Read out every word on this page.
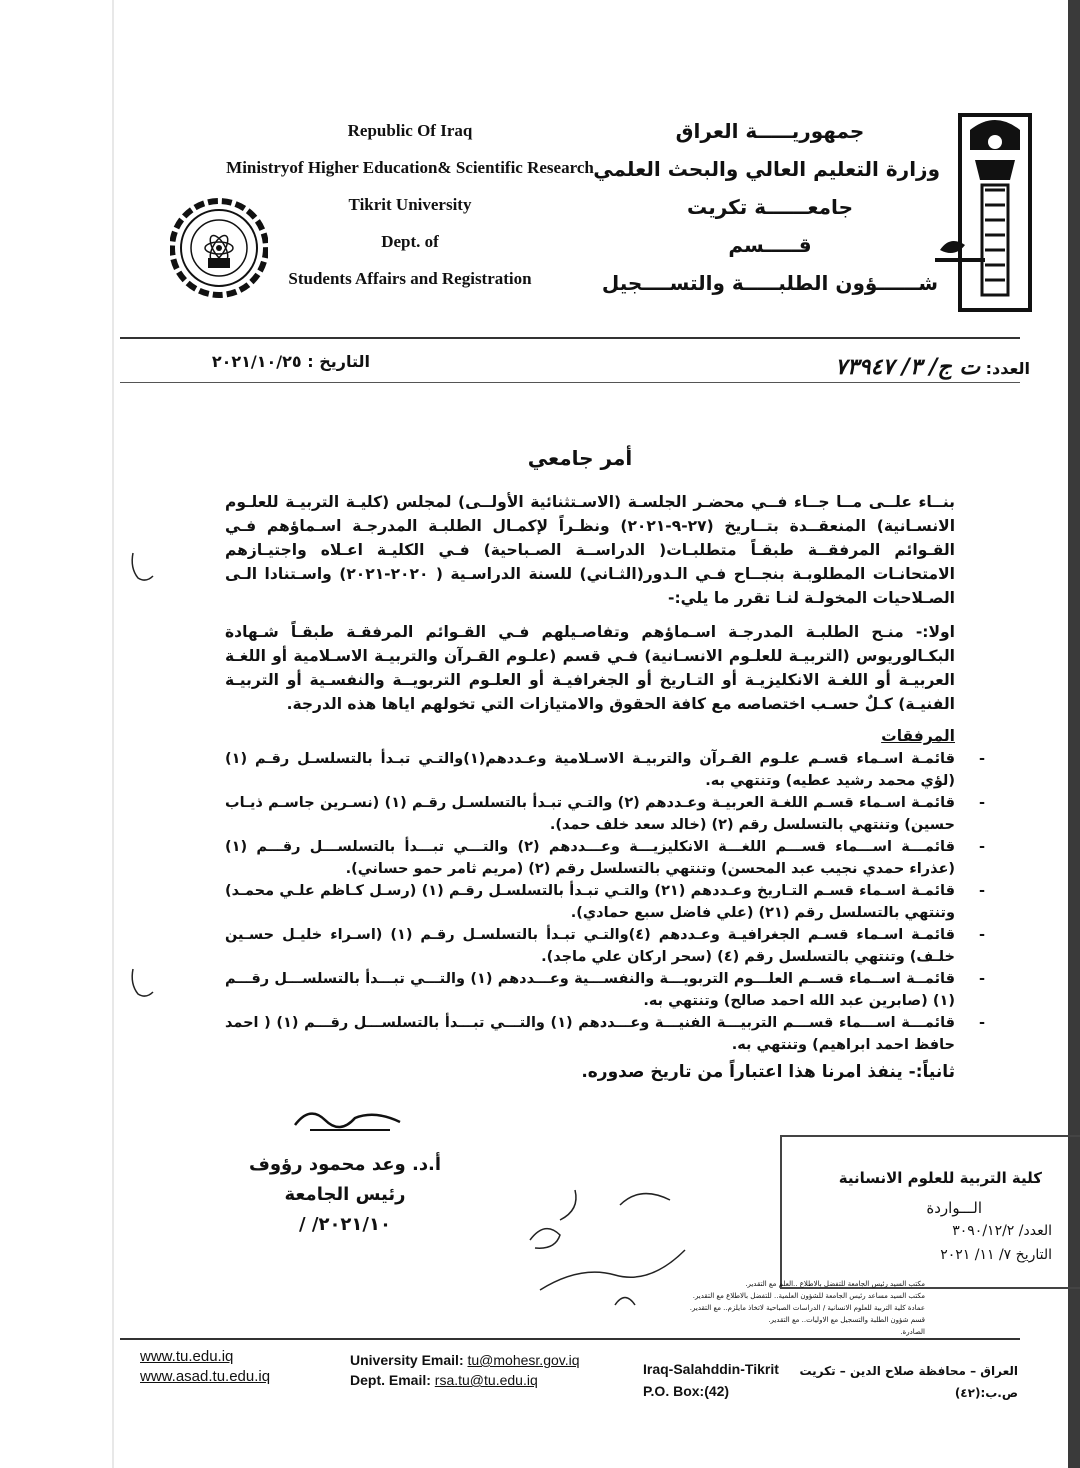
Republic Of Iraq
Ministryof Higher Education& Scientific Research
Tikrit University
Dept. of
Students Affairs and Registration
جمهوريـــــة العراق
وزارة التعليم العالي والبحث العلمي
جامعــــــة تكريت
قـــــسم
شــــــؤون الطلبـــــة والتســــجيل
التاريخ : ٢٠٢١/١٠/٢٥	العدد: ت ج/ ٣/ ٧٣٩٤٧
أمر جامعي

بنــاء علــى مــا جــاء فــي محضـر الجلسـة (الاسـتثنائية الأولــى) لمجلس (كليـة التربيـة للعلـوم الانسـانية) المنعقــدة بتــاريخ (٢٧-٩-٢٠٢١) ونظـراً لإكمـال الطلبـة المدرجـة اسـماؤهم فـي القـوائم المرفقــة طبقـاً متطلبـات( الدراســة الصـباحية) فـي الكليـة اعـلاه واجتيـازهم الامتحانـات المطلوبـة بنجــاح فـي الـدور(الثـاني) للسنة الدراسـية ( ٢٠٢٠-٢٠٢١) واسـتنادا الـى الصـلاحيات المخولـة لنـا تقرر ما يلي:-

اولا:- منـح الطلبـة المدرجـة اسـماؤهم وتفاصـيلهم فـي القـوائم المرفقـة طبقـاً شـهادة البكـالوريوس (التربيـة للعلـوم الانسـانية) فـي قسم (علـوم القـرآن والتربيـة الاسـلامية أو اللغـة العربيـة أو اللغـة الانكليزيـة أو التـاريخ أو الجغرافيـة أو العلـوم التربويــة والنفسـية أو التربيـة الفنيـة) كـلٌ حسـب اختصاصه مع كافة الحقوق والامتيازات التي تخولهم اياها هذه الدرجة.

المرفقات

- قائمـة اسـماء قسـم علـوم القـرآن والتربيـة الاسـلامية وعـددهم(١)والتـي تبـدأ بالتسلسـل رقـم (١) (لؤي محمد رشيد عطيه) وتنتهي به.
- قائمـة اسـماء قسـم اللغـة العربيـة وعـددهم (٢) والتـي تبـدأ بالتسلسـل رقـم (١) (نسـرين جاسـم ذيـاب حسين) وتنتهي بالتسلسل رقم (٢) (خالد سعد خلف حمد).
- قائمـــة اســـماء قســـم اللغـــة الانكليزيـــة وعـــددهم (٢) والتـــي تبـــدأ بالتسلســـل رقـــم (١) (عذراء حمدي نجيب عبد المحسن) وتنتهي بالتسلسل رقم (٢) (مريم ثامر حمو حساني).
- قائمـة اسـماء قسـم التـاريخ وعـددهم (٢١) والتـي تبـدأ بالتسلسـل رقـم (١) (رسـل كـاظم علـي محمـد) وتنتهي بالتسلسل رقم (٢١) (علي فاضل سبع حمادي).
- قائمـة اسـماء قسـم الجغرافيـة وعـددهم (٤)والتـي تبـدأ بالتسلسـل رقـم (١) (اسـراء خليـل حسـين خلـف) وتنتهي بالتسلسل رقم (٤) (سحر اركان علي ماجد).
- قائمــة اســماء قســم العلـــوم التربويـــة والنفســـية وعـــددهم (١) والتـــي تبـــدأ بالتسلســـل رقـــم (١) (صابرين عبد الله احمد صالح) وتنتهي به.
- قائمـــة اســـماء قســـم التربيـــة الفنيـــة وعـــددهم (١) والتـــي تبـــدأ بالتسلســـل رقـــم (١) ( احمد حافظ احمد ابراهيم) وتنتهي به.

ثانياً:- ينفذ امرنا هذا اعتباراً من تاريخ صدوره.

أ.د. وعد محمود رؤوف
رئيس الجامعة
٢٠٢١/١٠/ /
كلية التربية للعلوم الانسانية
الـــواردة
العدد/ ٣٠٩٠/١٢/٢
التاريخ ٧/ ١١/ ٢٠٢١
مكتب السيد رئيس الجامعة للتفضل بالاطلاع ..العلم مع التقدير.
مكتب السيد مساعد رئيس الجامعة للشؤون العلمية.. للتفضل بالاطلاع مع التقدير.
عمادة كلية التربية للعلوم الانسانية / الدراسات الصباحية لاتخاذ مايلزم.. مع التقدير.
قسم شؤون الطلبة والتسجيل مع الاوليات.. مع التقدير.
الصادرة.
www.tu.edu.iq
www.asad.tu.edu.iq
University Email: tu@mohesr.gov.iq
Dept. Email: rsa.tu@tu.edu.iq
Iraq-Salahddin-Tikrit
P.O. Box:(42)
العراق – محافظة صلاح الدين – تكريت
ص.ب:(٤٢)
